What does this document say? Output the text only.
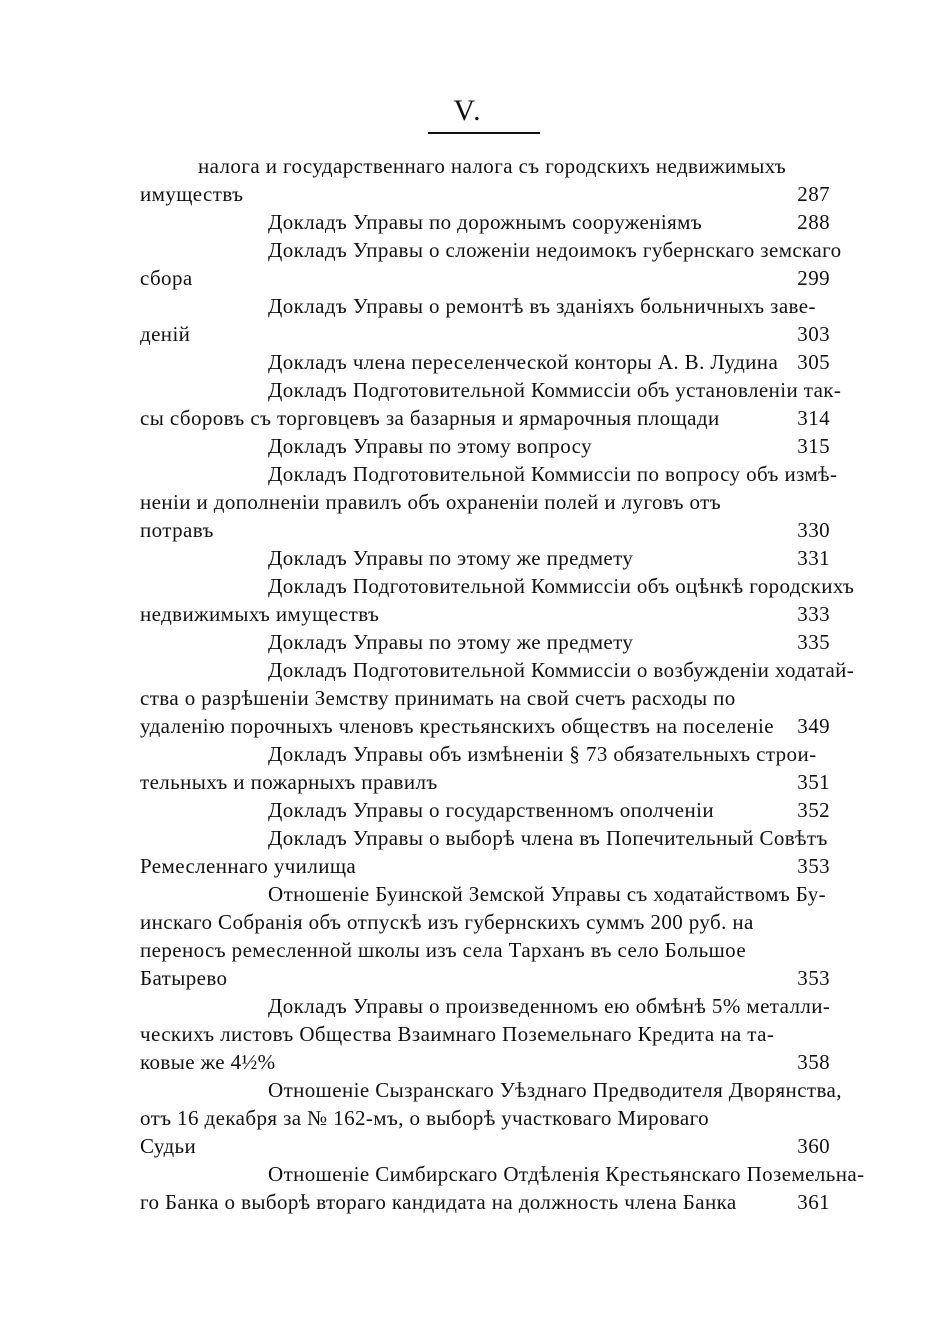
V.
налога и государственнаго налога съ городскихъ недвижимыхъ
имуществъ	287
Докладъ Управы по дорожнымъ сооруженіямъ	288
Докладъ Управы о сложеніи недоимокъ губернскаго земскаго
сбора	299
Докладъ Управы о ремонтѣ въ зданіяхъ больничныхъ заве-
деній	303
Докладъ члена переселенческой конторы А. В. Лудина 305
Докладъ Подготовительной Коммиссіи объ установленіи так-
сы сборовъ съ торговцевъ за базарныя и ярмарочныя площади	314
Докладъ Управы по этому вопросу	315
Докладъ Подготовительной Коммиссіи по вопросу объ измѣ-
неніи и дополненіи правилъ объ охраненіи полей и луговъ отъ
потравъ	330
Докладъ Управы по этому же предмету	331
Докладъ Подготовительной Коммиссіи объ оцѣнкѣ городскихъ
недвижимыхъ имуществъ	333
Докладъ Управы по этому же предмету	335
Докладъ Подготовительной Коммиссіи о возбужденіи ходатай-
ства о разрѣшеніи Земству принимать на свой счетъ расходы по
удаленію порочныхъ членовъ крестьянскихъ обществъ на поселеніе 349
Докладъ Управы объ измѣненіи § 73 обязательныхъ строи-
тельныхъ и пожарныхъ правилъ	351
Докладъ Управы о государственномъ ополченіи	352
Докладъ Управы о выборѣ члена въ Попечительный Совѣтъ
Ремесленнаго училища	353
Отношеніе Буинской Земской Управы съ ходатайствомъ Бу-
инскаго Собранія объ отпускѣ изъ губернскихъ суммъ 200 руб. на
переносъ ремесленной школы изъ села Тарханъ въ село Большое
Батырево	353
Докладъ Управы о произведенномъ ею обмѣнѣ 5% металли-
ческихъ листовъ Общества Взаимнаго Поземельнаго Кредита на та-
ковые же 4½%	358
Отношеніе Сызранскаго Уѣзднаго Предводителя Дворянства,
отъ 16 декабря за № 162-мъ, о выборѣ участковаго Мироваго
Судьи	360
Отношеніе Симбирскаго Отдѣленія Крестьянскаго Поземельна-
го Банка о выборѣ втораго кандидата на должность члена Банка	361
